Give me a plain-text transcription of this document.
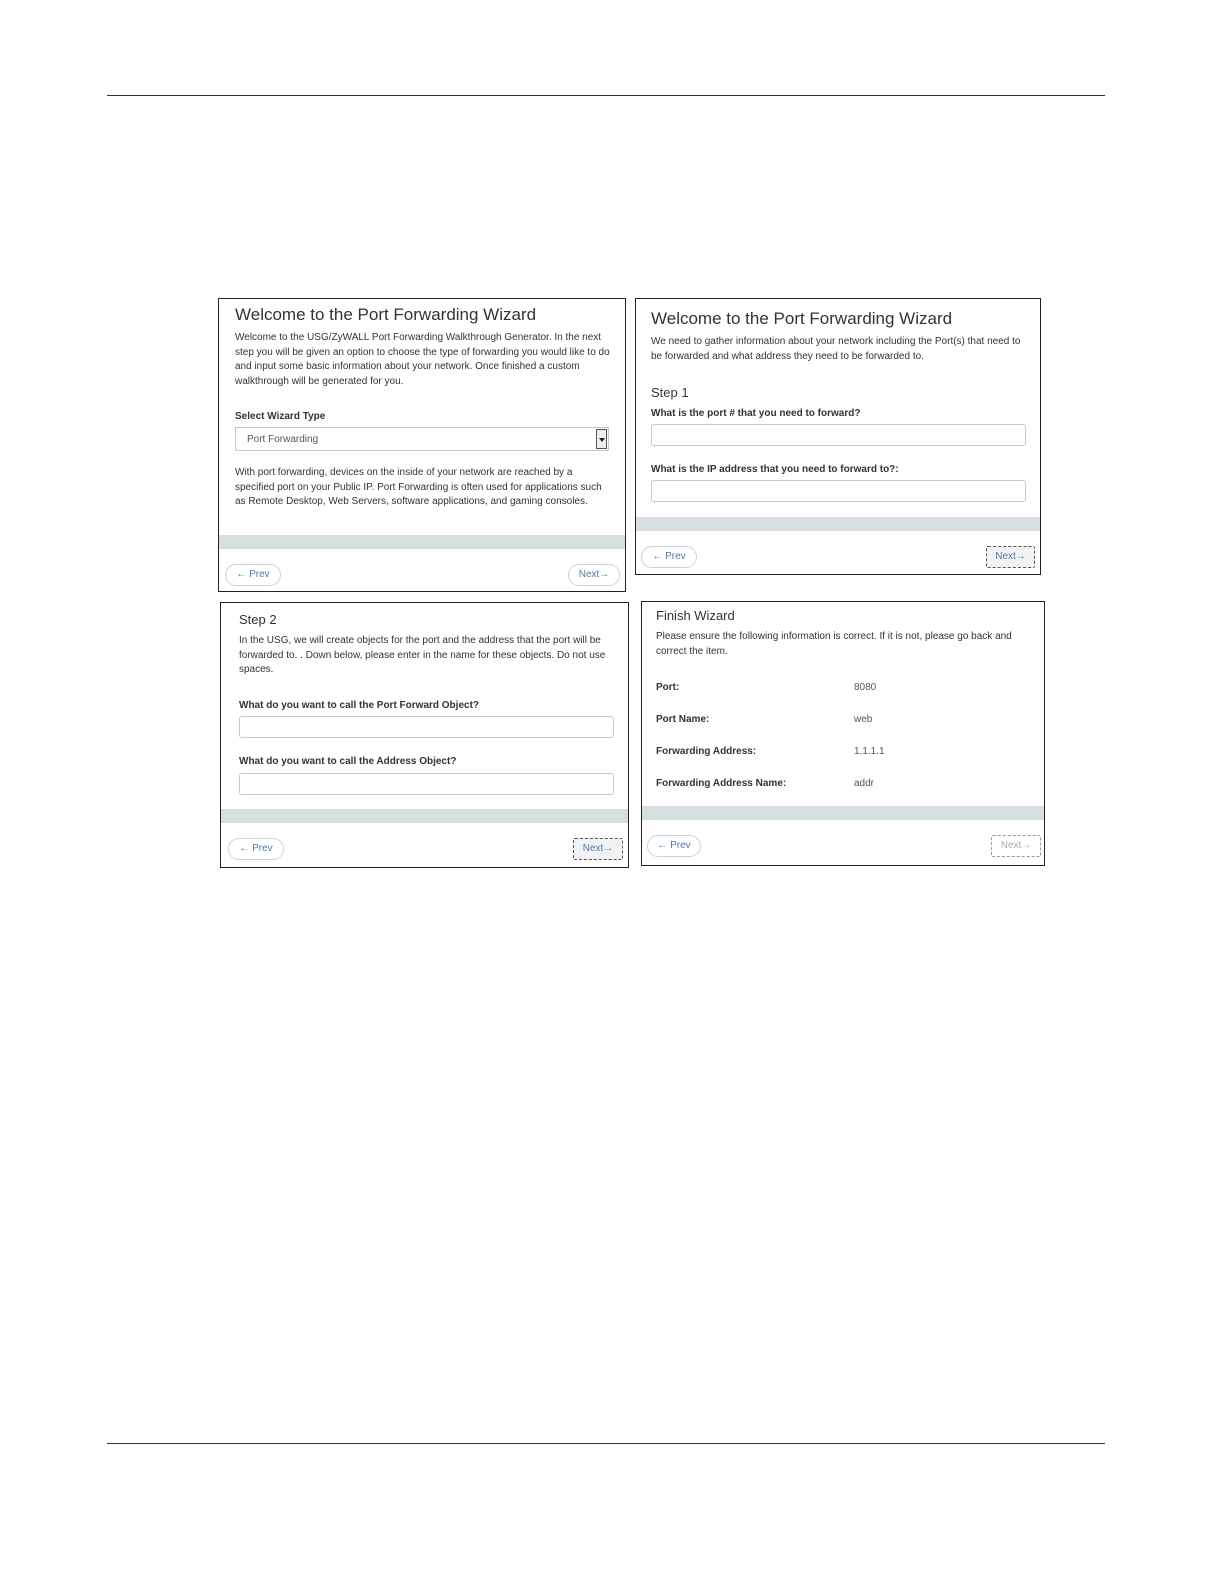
Welcome to the Port Forwarding Wizard
Welcome to the USG/ZyWALL Port Forwarding Walkthrough Generator. In the next step you will be given an option to choose the type of forwarding you would like to do and input some basic information about your network. Once finished a custom walkthrough will be generated for you.
Select Wizard Type
Port Forwarding
With port forwarding, devices on the inside of your network are reached by a specified port on your Public IP. Port Forwarding is often used for applications such as Remote Desktop, Web Servers, software applications, and gaming consoles.
← Prev	Next→
Welcome to the Port Forwarding Wizard
We need to gather information about your network including the Port(s) that need to be forwarded and what address they need to be forwarded to.
Step 1
What is the port # that you need to forward?
What is the IP address that you need to forward to?:
← Prev	Next→
Step 2
In the USG, we will create objects for the port and the address that the port will be forwarded to. . Down below, please enter in the name for these objects. Do not use spaces.
What do you want to call the Port Forward Object?
What do you want to call the Address Object?
← Prev	Next→
Finish Wizard
Please ensure the following information is correct. If it is not, please go back and correct the item.
Port:	8080
Port Name:	web
Forwarding Address:	1.1.1.1
Forwarding Address Name:	addr
← Prev	Next→
